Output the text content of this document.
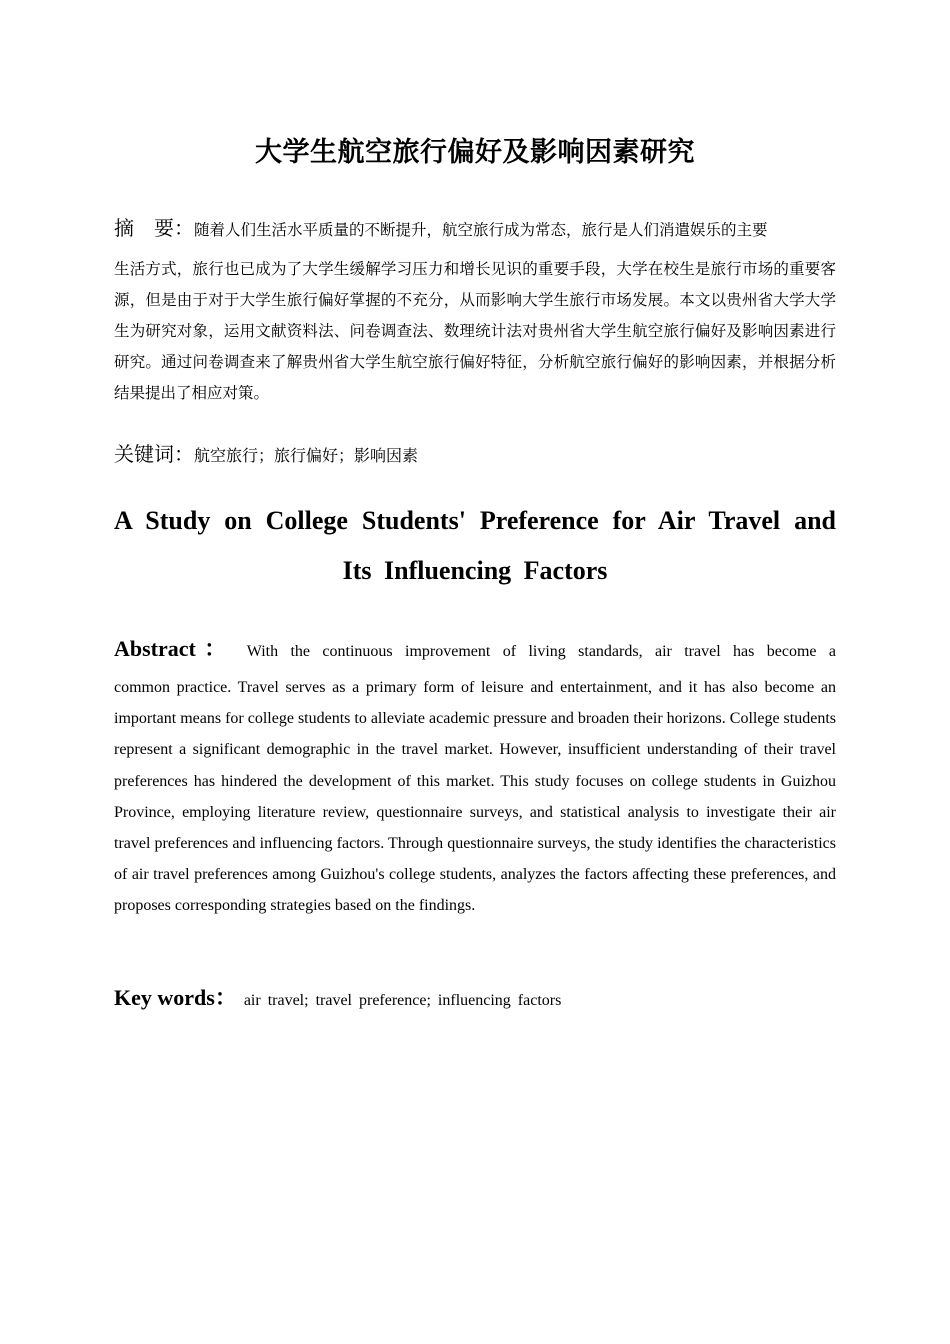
大学生航空旅行偏好及影响因素研究
摘　要：随着人们生活水平质量的不断提升，航空旅行成为常态，旅行是人们消遣娱乐的主要
生活方式，旅行也已成为了大学生缓解学习压力和增长见识的重要手段，大学在校生是旅行市场的重要客源，但是由于对于大学生旅行偏好掌握的不充分，从而影响大学生旅行市场发展。本文以贵州省大学大学生为研究对象，运用文献资料法、问卷调查法、数理统计法对贵州省大学生航空旅行偏好及影响因素进行研究。通过问卷调查来了解贵州省大学生航空旅行偏好特征，分析航空旅行偏好的影响因素，并根据分析结果提出了相应对策。
关键词：航空旅行；旅行偏好；影响因素
A Study on College Students' Preference for Air Travel and
Its Influencing Factors
Abstract： With the continuous improvement of living standards, air travel has become a
common practice. Travel serves as a primary form of leisure and entertainment, and it has also become an important means for college students to alleviate academic pressure and broaden their horizons. College students represent a significant demographic in the travel market. However, insufficient understanding of their travel preferences has hindered the development of this market. This study focuses on college students in Guizhou Province, employing literature review, questionnaire surveys, and statistical analysis to investigate their air travel preferences and influencing factors. Through questionnaire surveys, the study identifies the characteristics of air travel preferences among Guizhou's college students, analyzes the factors affecting these preferences, and proposes corresponding strategies based on the findings.
Key words： air travel; travel preference; influencing factors
